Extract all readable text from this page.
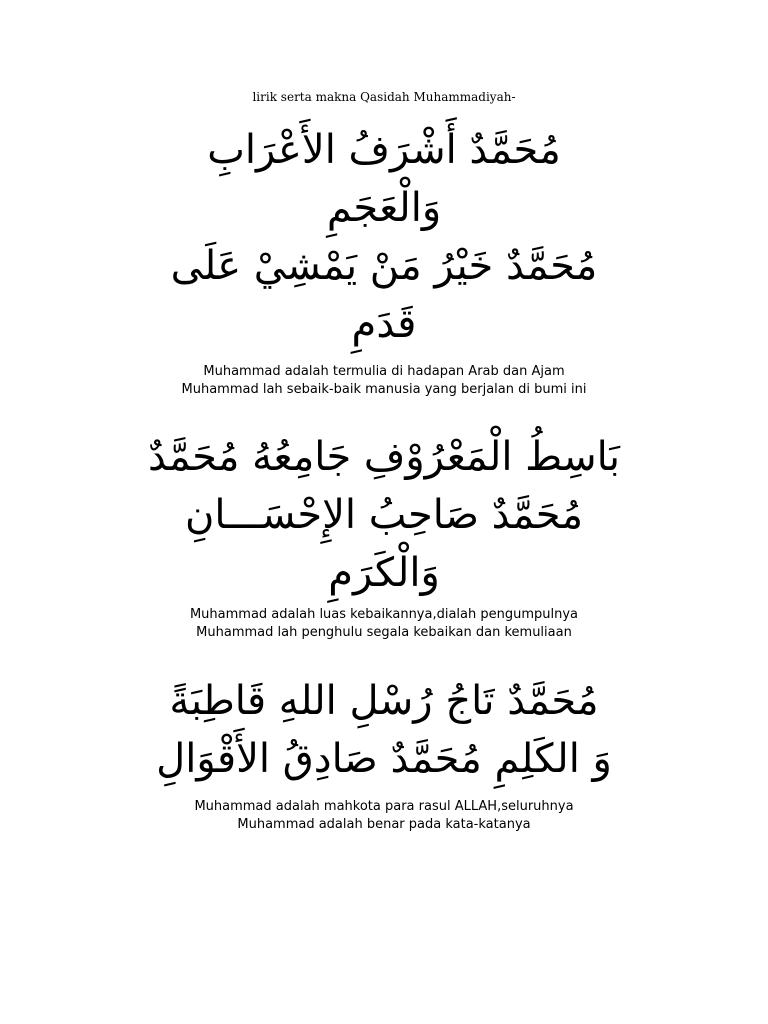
lirik serta makna Qasidah Muhammadiyah-
مُحَمَّدٌ أَشْرَفُ الأَعْرَابِ
وَالْعَجَمِ
مُحَمَّدٌ خَيْرُ مَنْ يَمْشِيْ عَلَى
قَدَمِ
Muhammad adalah termulia di hadapan Arab dan Ajam
Muhammad lah sebaik-baik manusia yang berjalan di bumi ini
بَاسِطُ الْمَعْرُوْفِ جَامِعُهُ مُحَمَّدٌ
مُحَمَّدٌ صَاحِبُ الإِحْسَـــانِ
وَالْكَرَمِ
Muhammad adalah luas kebaikannya,dialah pengumpulnya
Muhammad lah penghulu segala kebaikan dan kemuliaan
مُحَمَّدٌ تَاجُ رُسْلِ اللهِ قَاطِبَةً
وَ الكَلِمِ مُحَمَّدٌ صَادِقُ الأَقْوَالِ
Muhammad adalah mahkota para rasul ALLAH,seluruhnya
Muhammad adalah benar pada kata-katanya
